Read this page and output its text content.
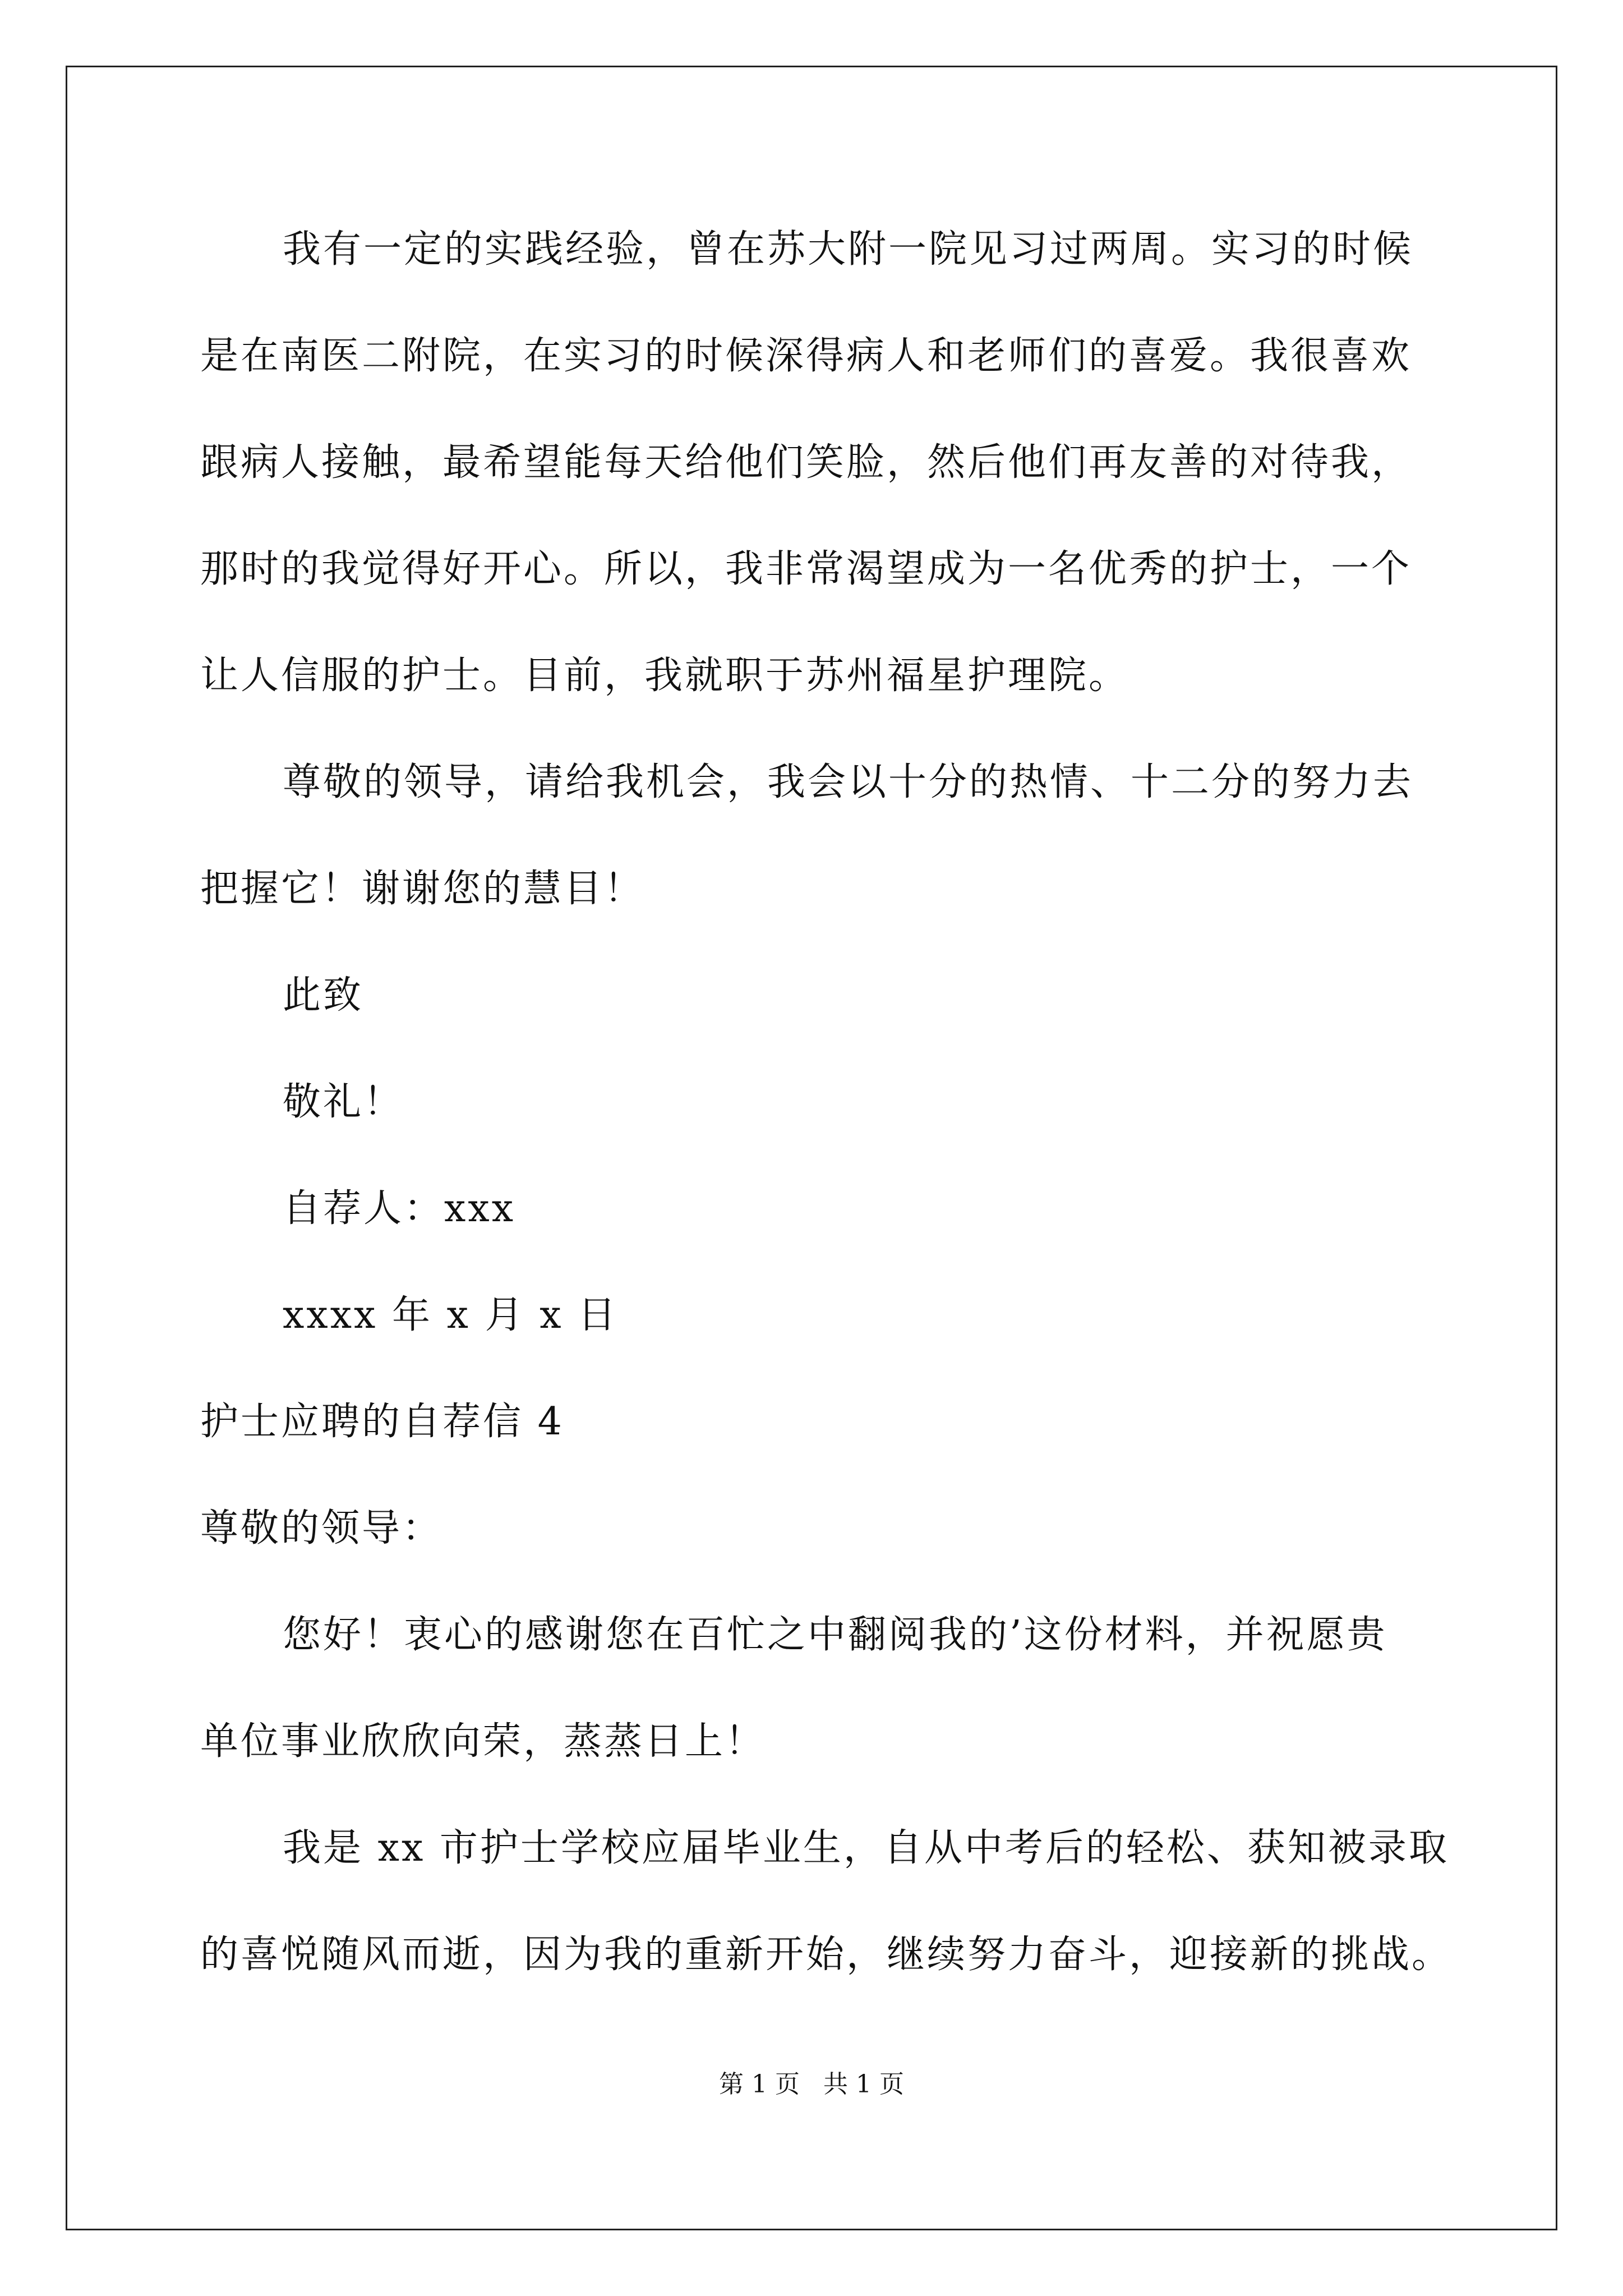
我有一定的实践经验，曾在苏大附一院见习过两周。实习的时候
是在南医二附院，在实习的时候深得病人和老师们的喜爱。我很喜欢
跟病人接触，最希望能每天给他们笑脸，然后他们再友善的对待我，
那时的我觉得好开心。所以，我非常渴望成为一名优秀的护士，一个
让人信服的护士。目前，我就职于苏州福星护理院。
尊敬的领导，请给我机会，我会以十分的热情、十二分的努力去
把握它！谢谢您的慧目！
此致
敬礼！
自荐人：xxx
xxxx 年 x 月 x 日
护士应聘的自荐信 4
尊敬的领导：
您好！衷心的感谢您在百忙之中翻阅我的’这份材料，并祝愿贵
单位事业欣欣向荣，蒸蒸日上！
我是 xx 市护士学校应届毕业生，自从中考后的轻松、获知被录取
的喜悦随风而逝，因为我的重新开始，继续努力奋斗，迎接新的挑战。
第 1 页   共 1 页
